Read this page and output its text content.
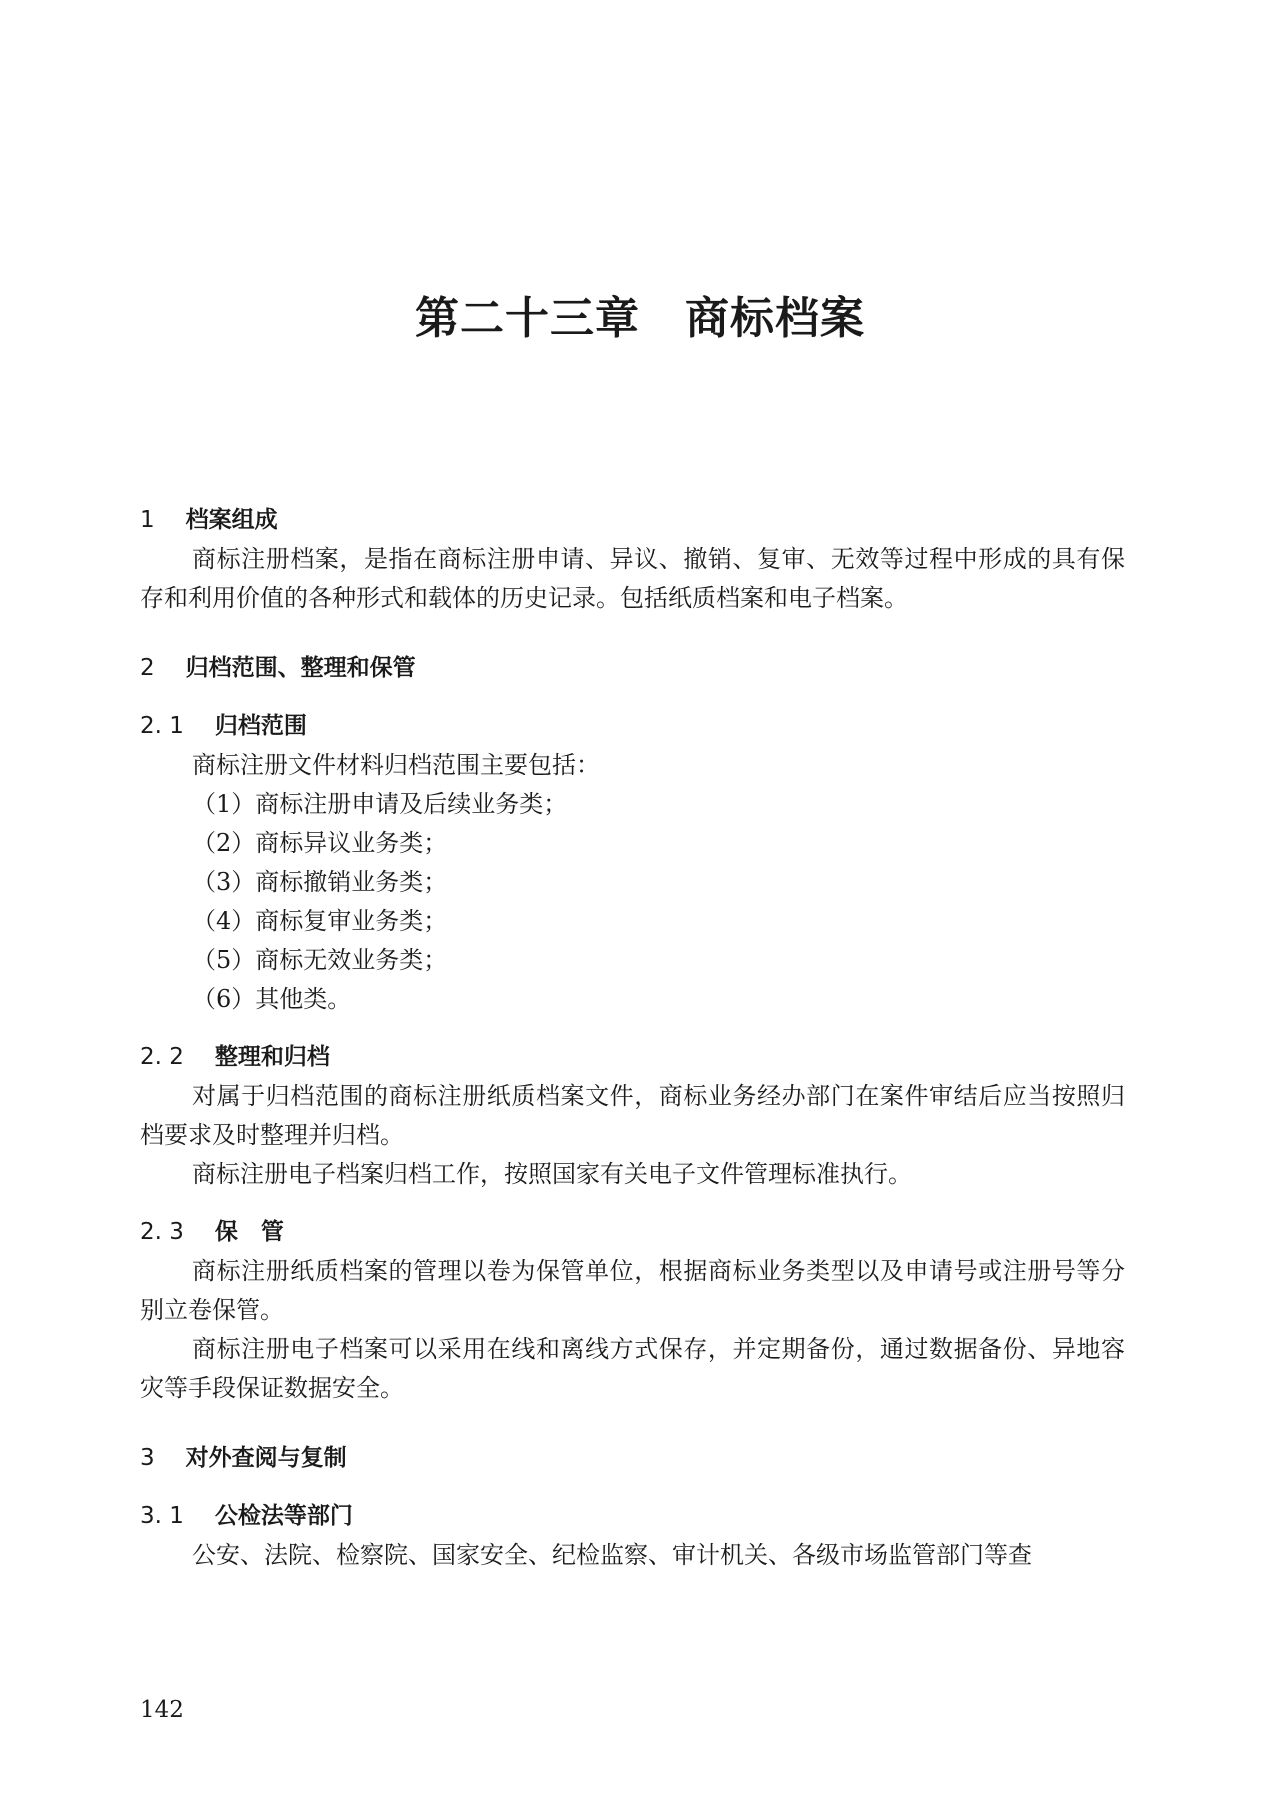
第二十三章　商标档案

1　 档案组成

商标注册档案，是指在商标注册申请、异议、撤销、复审、无效等过程中形成的具有保存和利用价值的各种形式和载体的历史记录。包括纸质档案和电子档案。

2　 归档范围、整理和保管

2. 1　 归档范围

商标注册文件材料归档范围主要包括：

（1）商标注册申请及后续业务类；

（2）商标异议业务类；

（3）商标撤销业务类；

（4）商标复审业务类；

（5）商标无效业务类；

（6）其他类。

2. 2　 整理和归档

对属于归档范围的商标注册纸质档案文件，商标业务经办部门在案件审结后应当按照归档要求及时整理并归档。

商标注册电子档案归档工作，按照国家有关电子文件管理标准执行。

2. 3　 保　管

商标注册纸质档案的管理以卷为保管单位，根据商标业务类型以及申请号或注册号等分别立卷保管。

商标注册电子档案可以采用在线和离线方式保存，并定期备份，通过数据备份、异地容灾等手段保证数据安全。

3　 对外查阅与复制

3. 1　 公检法等部门

公安、法院、检察院、国家安全、纪检监察、审计机关、各级市场监管部门等查

142
